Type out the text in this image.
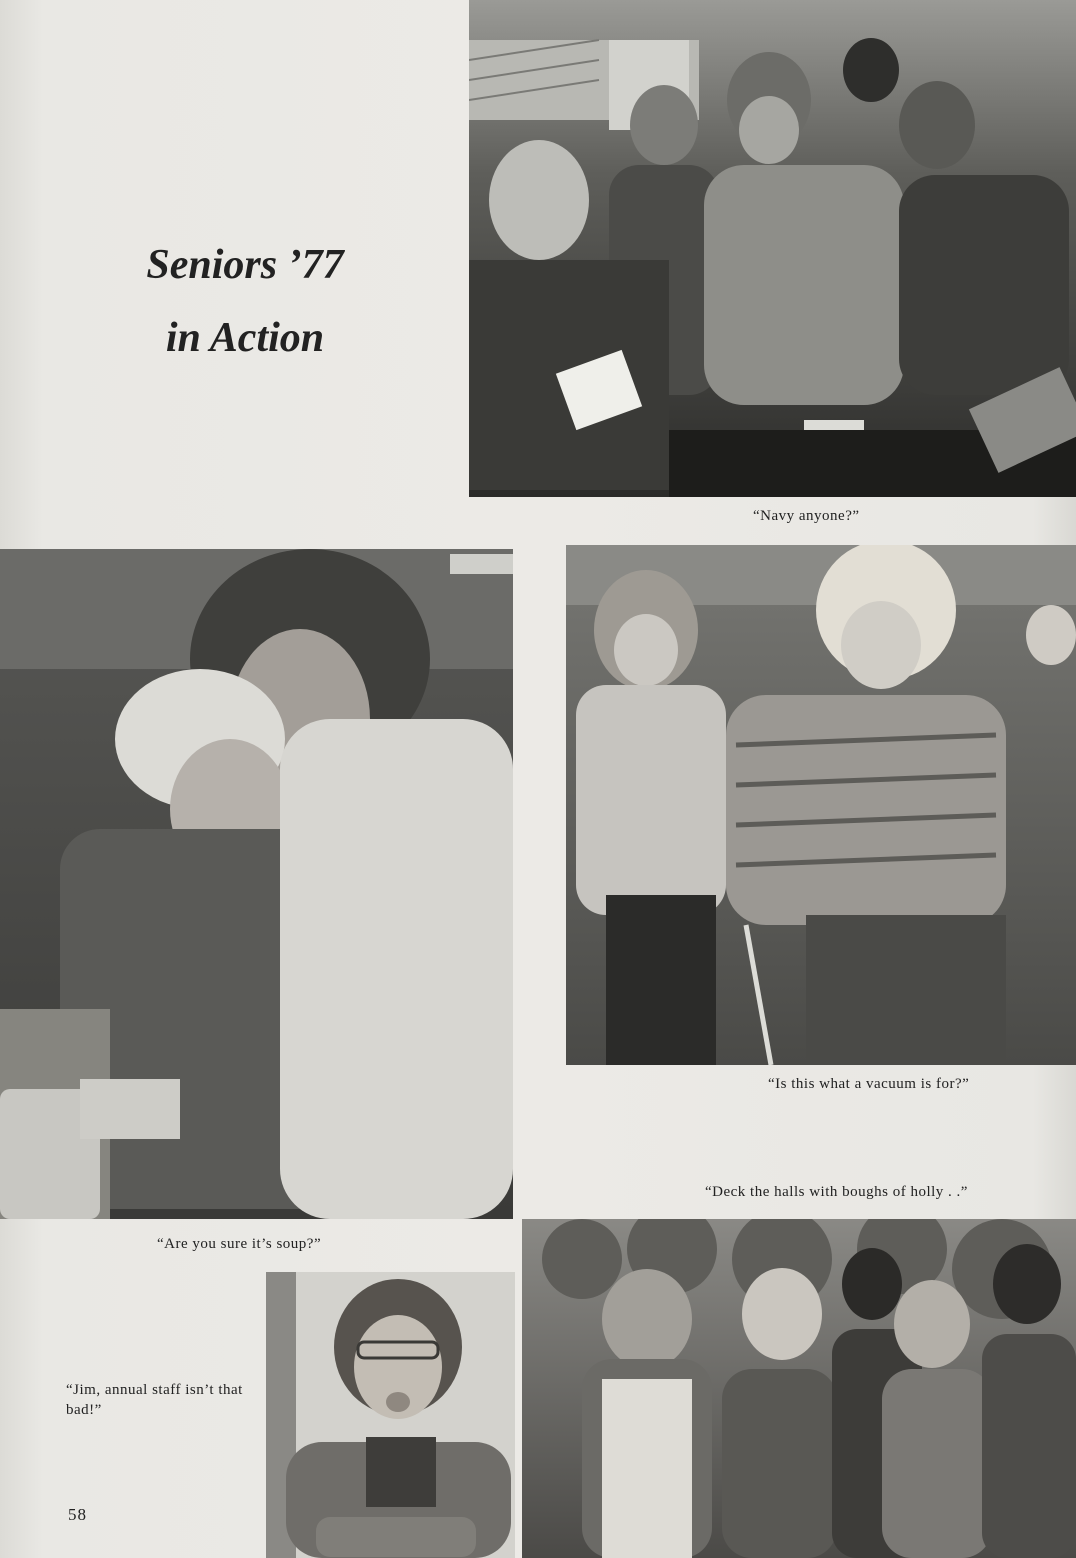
Seniors ’77
in Action

“Navy anyone?”

“Are you sure it’s soup?”

“Is this what a vacuum is for?”

“Deck the halls with boughs of holly . .”

“Jim, annual staff isn’t that bad!”

58
